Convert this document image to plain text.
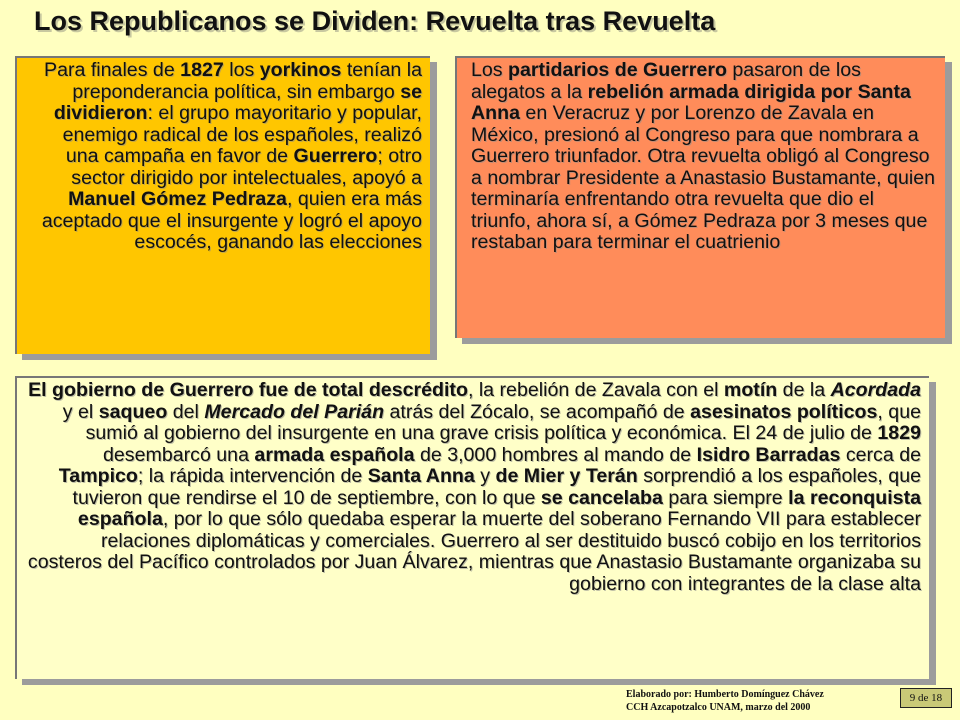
Los Republicanos se Dividen: Revuelta tras Revuelta
Para finales de 1827 los yorkinos tenían la preponderancia política, sin embargo se dividieron: el grupo mayoritario y popular, enemigo radical de los españoles, realizó una campaña en favor de Guerrero; otro sector dirigido por intelectuales, apoyó a Manuel Gómez Pedraza, quien era más aceptado que el insurgente y logró el apoyo escocés, ganando las elecciones
Los partidarios de Guerrero pasaron de los alegatos a la rebelión armada dirigida por Santa Anna en Veracruz y por Lorenzo de Zavala en México, presionó al Congreso para que nombrara a Guerrero triunfador. Otra revuelta obligó al Congreso a nombrar Presidente a Anastasio Bustamante, quien terminaría enfrentando otra revuelta que dio el triunfo, ahora sí, a Gómez Pedraza por 3 meses que restaban para terminar el cuatrienio
El gobierno de Guerrero fue de total descrédito, la rebelión de Zavala con el motín de la Acordada y el saqueo del Mercado del Parián atrás del Zócalo, se acompañó de asesinatos políticos, que sumió al gobierno del insurgente en una grave crisis política y económica. El 24 de julio de 1829 desembarcó una armada española de 3,000 hombres al mando de Isidro Barradas cerca de Tampico; la rápida intervención de Santa Anna y de Mier y Terán sorprendió a los españoles, que tuvieron que rendirse el 10 de septiembre, con lo que se cancelaba para siempre la reconquista española, por lo que sólo quedaba esperar la muerte del soberano Fernando VII para establecer relaciones diplomáticas y comerciales. Guerrero al ser destituido buscó cobijo en los territorios costeros del Pacífico controlados por Juan Álvarez, mientras que Anastasio Bustamante organizaba su gobierno con integrantes de la clase alta
Elaborado por: Humberto Domínguez Chávez
CCH Azcapotzalco UNAM, marzo del 2000
9 de 18
